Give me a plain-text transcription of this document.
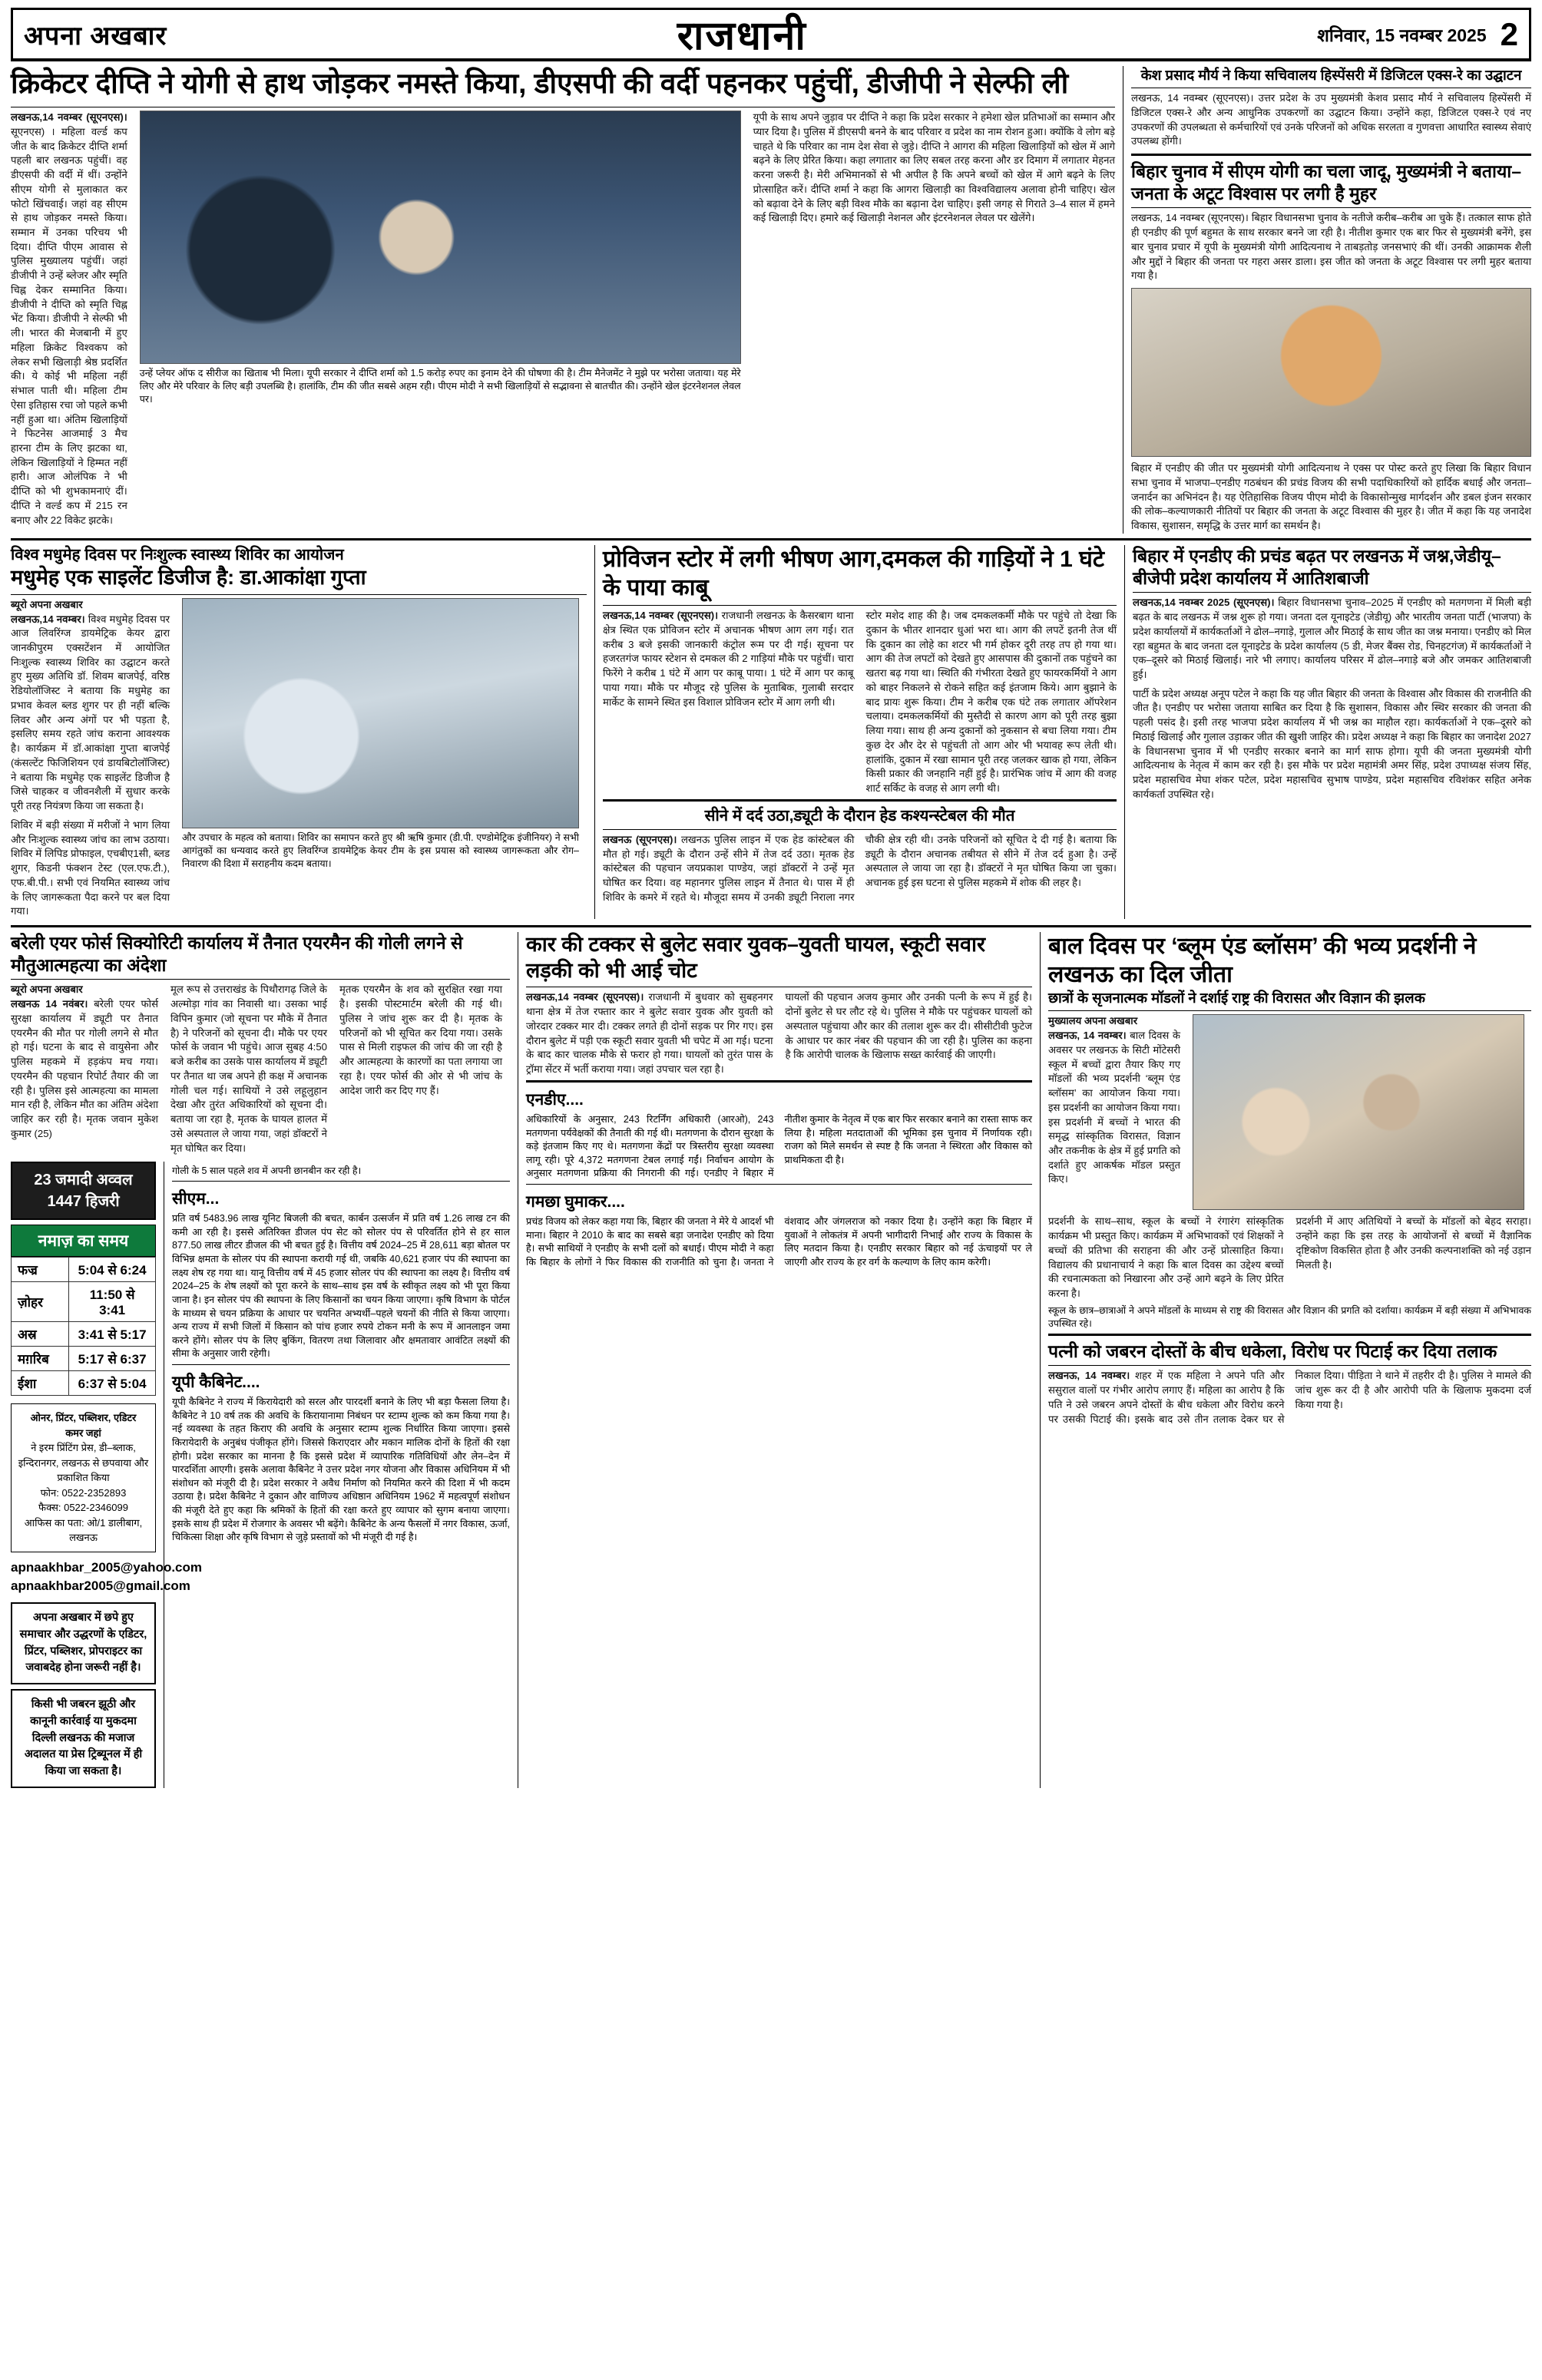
अपना अखबार	राजधानी	शनिवार, 15 नवम्बर 2025 2
क्रिकेटर दीप्ति ने योगी से हाथ जोड़कर नमस्ते किया, डीएसपी की वर्दी पहनकर पहुंचीं, डीजीपी ने सेल्फी ली
लखनऊ,14 नवम्बर (सूएनएस)। सूएनएस) । महिला वर्ल्ड कप जीत के बाद क्रिकेटर दीप्ति शर्मा पहली बार लखनऊ पहुंचीं। वह डीएसपी की वर्दी में थीं। उन्होंने सीएम योगी से मुलाकात कर फोटो खिंचवाई। जहां वह सीएम से हाथ जोड़कर नमस्ते किया। सम्मान में उनका परिचय भी दिया। दीप्ति पीएम आवास से पुलिस मुख्यालय पहुंचीं। जहां डीजीपी ने उन्हें ब्लेजर और स्मृति चिह्न देकर सम्मानित किया। डीजीपी ने दीप्ति को स्मृति चिह्न भेंट किया। डीजीपी ने सेल्फी भी ली। भारत की मेजबानी में हुए महिला क्रिकेट विश्वकप को लेकर सभी खिलाड़ी श्रेष्ठ प्रदर्शित की। ये कोई भी महिला नहीं संभाल पाती थी। महिला टीम ऐसा इतिहास रचा जो पहले कभी नहीं हुआ था। अंतिम खिलाड़ियों ने फिटनेस आजमाई 3 मैच हारना टीम के लिए झटका था, लेकिन खिलाड़ियों ने हिम्मत नहीं हारी। आज ओलंपिक ने भी दीप्ति को भी शुभकामनाएं दीं। दीप्ति ने वर्ल्ड कप में 215 रन बनाए और 22 विकेट झटके।
उन्हें प्लेयर ऑफ द सीरीज का खिताब भी मिला। यूपी सरकार ने दीप्ति शर्मा को 1.5 करोड़ रुपए का इनाम देने की घोषणा की है। टीम मैनेजमेंट ने मुझे पर भरोसा जताया। यह मेरे लिए और मेरे परिवार के लिए बड़ी उपलब्धि है। हालांकि, टीम की जीत सबसे अहम रही। पीएम मोदी ने सभी खिलाड़ियों से सद्भावना से बातचीत की। उन्होंने खेल इंटरनेशनल लेवल पर।
यूपी के साथ अपने जुड़ाव पर दीप्ति ने कहा कि प्रदेश सरकार ने हमेशा खेल प्रतिभाओं का सम्मान और प्यार दिया है। पुलिस में डीएसपी बनने के बाद परिवार व प्रदेश का नाम रोशन हुआ। क्योंकि वे लोग बड़े चाहते थे कि परिवार का नाम देश सेवा से जुड़े। दीप्ति ने आगरा की महिला खिलाड़ियों को खेल में आगे बढ़ने के लिए प्रेरित किया। कहा लगातार का लिए सबल तरह करना और डर दिमाग में लगातार मेहनत करना जरूरी है। मेरी अभिमानकों से भी अपील है कि अपने बच्चों को खेल में आगे बढ़ने के लिए प्रोत्साहित करें। दीप्ति शर्मा ने कहा कि आगरा खिलाड़ी का विश्वविद्यालय अलावा होनी चाहिए। खेल को बढ़ावा देने के लिए बड़ी विश्व मौके का बढ़ाना देश चाहिए। इसी जगह से गिराते 3–4 साल में हमने कई खिलाड़ी दिए। हमारे कई खिलाड़ी नेशनल और इंटरनेशनल लेवल पर खेलेंगे।
केश प्रसाद मौर्य ने किया सचिवालय हिस्पेंसरी में डिजिटल एक्स-रे का उद्घाटन
लखनऊ, 14 नवम्बर (सूएनएस)। उत्तर प्रदेश के उप मुख्यमंत्री केशव प्रसाद मौर्य ने सचिवालय हिस्पेंसरी में डिजिटल एक्स-रे और अन्य आधुनिक उपकरणों का उद्घाटन किया। उन्होंने कहा, डिजिटल एक्स-रे एवं नए उपकरणों की उपलब्धता से कर्मचारियों एवं उनके परिजनों को अधिक सरलता व गुणवत्ता आधारित स्वास्थ्य सेवाएं उपलब्ध होंगी।
बिहार चुनाव में सीएम योगी का चला जादू, मुख्यमंत्री ने बताया– जनता के अटूट विश्वास पर लगी है मुहर
लखनऊ, 14 नवम्बर (सूएनएस)। बिहार विधानसभा चुनाव के नतीजे करीब–करीब आ चुके हैं। तत्काल साफ होते ही एनडीए की पूर्ण बहुमत के साथ सरकार बनने जा रही है। नीतीश कुमार एक बार फिर से मुख्यमंत्री बनेंगे, इस बार चुनाव प्रचार में यूपी के मुख्यमंत्री योगी आदित्यनाथ ने ताबड़तोड़ जनसभाएं की थीं। उनकी आक्रामक शैली और मुद्दों ने बिहार की जनता पर गहरा असर डाला। इस जीत को जनता के अटूट विश्वास पर लगी मुहर बताया गया है।
बिहार में एनडीए की जीत पर मुख्यमंत्री योगी आदित्यनाथ ने एक्स पर पोस्ट करते हुए लिखा कि बिहार विधान सभा चुनाव में भाजपा–एनडीए गठबंधन की प्रचंड विजय की सभी पदाधिकारियों को हार्दिक बधाई और जनता– जनार्दन का अभिनंदन है। यह ऐतिहासिक विजय पीएम मोदी के विकासोन्मुख मार्गदर्शन और डबल इंजन सरकार की लोक–कल्याणकारी नीतियों पर बिहार की जनता के अटूट विश्वास की मुहर है। जीत में कहा कि यह जनादेश विकास, सुशासन, समृद्धि के उत्तर मार्ग का समर्थन है।
विश्व मधुमेह दिवस पर निःशुल्क स्वास्थ्य शिविर का आयोजन
मधुमेह एक साइलेंट डिजीज है: डा.आकांक्षा गुप्ता
ब्यूरो अपना अखबार
लखनऊ,14 नवम्बर। विश्व मधुमेह दिवस पर आज लिवरिंग्ज डायमेट्रिक केयर द्वारा जानकीपुरम एक्सटेंशन में आयोजित निःशुल्क स्वास्थ्य शिविर का उद्घाटन करते हुए मुख्य अतिथि डॉ. शिवम बाजपेई, वरिष्ठ रेडियोलॉजिस्ट ने बताया कि मधुमेह का प्रभाव केवल ब्लड शुगर पर ही नहीं बल्कि लिवर और अन्य अंगों पर भी पड़ता है, इसलिए समय रहते जांच कराना आवश्यक है। कार्यक्रम में डॉ.आकांक्षा गुप्ता बाजपेई (कंसल्टेंट फिजिशियन एवं डायबिटोलॉजिस्ट) ने बताया कि मधुमेह एक साइलेंट डिजीज है जिसे चाहकर व जीवनशैली में सुधार करके पूरी तरह नियंत्रण किया जा सकता है।
शिविर में बड़ी संख्या में मरीजों ने भाग लिया और निःशुल्क स्वास्थ्य जांच का लाभ उठाया। शिविर में लिपिड प्रोफाइल, एचबीए1सी, ब्लड शुगर, किडनी फंक्शन टेस्ट (एल.एफ.टी.), एफ.बी.पी.। सभी एवं नियमित स्वास्थ्य जांच के लिए जागरूकता पैदा करने पर बल दिया गया।
और उपचार के महत्व को बताया। शिविर का समापन करते हुए श्री ऋषि कुमार (डी.पी. एण्डोमेट्रिक इंजीनियर) ने सभी आगंतुकों का धन्यवाद करते हुए लिवरिंग्ज डायमेट्रिक केयर टीम के इस प्रयास को स्वास्थ्य जागरूकता और रोग–निवारण की दिशा में सराहनीय कदम बताया।
प्रोविजन स्टोर में लगी भीषण आग,दमकल की गाड़ियों ने 1 घंटे के पाया काबू
लखनऊ,14 नवम्बर (सूएनएस)। राजधानी लखनऊ के कैसरबाग थाना क्षेत्र स्थित एक प्रोविजन स्टोर में अचानक भीषण आग लग गई। रात करीब 3 बजे इसकी जानकारी कंट्रोल रूम पर दी गई। सूचना पर हजरतगंज फायर स्टेशन से दमकल की 2 गाड़ियां मौके पर पहुंचीं। चारा फिरेंगे ने करीब 1 घंटे में आग पर काबू पाया। 1 घंटे में आग पर काबू पाया गया। मौके पर मौजूद रहे पुलिस के मुताबिक, गुलाबी सरदार मार्केट के सामने स्थित इस विशाल प्रोविजन स्टोर में आग लगी थी।
स्टोर मशेद शाह की है। जब दमकलकर्मी मौके पर पहुंचे तो देखा कि दुकान के भीतर शानदार धुआं भरा था। आग की लपटें इतनी तेज थीं कि दुकान का लोहे का शटर भी गर्म होकर दूरी तरह तप हो गया था। आग की तेज लपटों को देखते हुए आसपास की दुकानों तक पहुंचने का खतरा बढ़ गया था। स्थिति की गंभीरता देखते हुए फायरकर्मियों ने आग को बाहर निकलने से रोकने सहित कई इंतजाम किये। आग बुझाने के बाद प्रायः शुरू किया। टीम ने करीब एक घंटे तक लगातार ऑपरेशन चलाया। दमकलकर्मियों की मुस्तैदी से कारण आग को पूरी तरह बुझा लिया गया। साथ ही अन्य दुकानों को नुकसान से बचा लिया गया। टीम कुछ देर और देर से पहुंचती तो आग ओर भी भयावह रूप लेती थी। हालांकि, दुकान में रखा सामान पूरी तरह जलकर खाक हो गया, लेकिन किसी प्रकार की जनहानि नहीं हुई है। प्रारंभिक जांच में आग की वजह शार्ट सर्किट के वजह से आग लगी थी।
सीने में दर्द उठा,ड्यूटी के दौरान हेड कश्यन्स्टेबल की मौत
लखनऊ (सूएनएस)। लखनऊ पुलिस लाइन में एक हेड कांस्टेबल की मौत हो गई। ड्यूटी के दौरान उन्हें सीने में तेज दर्द उठा। मृतक हेड कांस्टेबल की पहचान जयप्रकाश पाण्डेय, जहां डॉक्टरों ने उन्हें मृत घोषित कर दिया। वह महानगर पुलिस लाइन में तैनात थे। पास में ही शिविर के कमरे में रहते थे। मौजूदा समय में उनकी ड्यूटी निराला नगर चौकी क्षेत्र रही थी। उनके परिजनों को सूचित दे दी गई है। बताया कि ड्यूटी के दौरान अचानक तबीयत से सीने में तेज दर्द हुआ है। उन्हें अस्पताल ले जाया जा रहा है। डॉक्टरों ने मृत घोषित किया जा चुका। अचानक हुई इस घटना से पुलिस महकमे में शोक की लहर है।
बिहार में एनडीए की प्रचंड बढ़त पर लखनऊ में जश्न,जेडीयू–बीजेपी प्रदेश कार्यालय में आतिशबाजी
लखनऊ,14 नवम्बर 2025 (सूएनएस)। बिहार विधानसभा चुनाव–2025 में एनडीए को मतगणना में मिली बड़ी बढ़त के बाद लखनऊ में जश्न शुरू हो गया। जनता दल यूनाइटेड (जेडीयू) और भारतीय जनता पार्टी (भाजपा) के प्रदेश कार्यालयों में कार्यकर्ताओं ने ढोल–नगाड़े, गुलाल और मिठाई के साथ जीत का जश्न मनाया। एनडीए को मिल रहा बहुमत के बाद जनता दल यूनाइटेड के प्रदेश कार्यालय (5 डी, मेजर बैंक्स रोड, चिनहटगंज) में कार्यकर्ताओं ने एक–दूसरे को मिठाई खिलाई। नारे भी लगाए। कार्यालय परिसर में ढोल–नगाड़े बजे और जमकर आतिशबाजी हुई।
पार्टी के प्रदेश अध्यक्ष अनूप पटेल ने कहा कि यह जीत बिहार की जनता के विश्वास और विकास की राजनीति की जीत है। एनडीए पर भरोसा जताया साबित कर दिया है कि सुशासन, विकास और स्थिर सरकार की जनता की पहली पसंद है। इसी तरह भाजपा प्रदेश कार्यालय में भी जश्न का माहौल रहा। कार्यकर्ताओं ने एक–दूसरे को मिठाई खिलाई और गुलाल उड़ाकर जीत की खुशी जाहिर की। प्रदेश अध्यक्ष ने कहा कि बिहार का जनादेश 2027 के विधानसभा चुनाव में भी एनडीए सरकार बनाने का मार्ग साफ होगा। यूपी की जनता मुख्यमंत्री योगी आदित्यनाथ के नेतृत्व में काम कर रही है। इस मौके पर प्रदेश महामंत्री अमर सिंह, प्रदेश उपाध्यक्ष संजय सिंह, प्रदेश महासचिव मेघा शंकर पटेल, प्रदेश महासचिव सुभाष पाण्डेय, प्रदेश महासचिव रविशंकर सहित अनेक कार्यकर्ता उपस्थित रहे।
बरेली एयर फोर्स सिक्योरिटी कार्यालय में तैनात एयरमैन की गोली लगने से मौतुआत्महत्या का अंदेशा
ब्यूरो अपना अखबार
लखनऊ 14 नवंबर। बरेली एयर फोर्स सुरक्षा कार्यालय में ड्यूटी पर तैनात एयरमैन की मौत पर गोली लगने से मौत हो गई। घटना के बाद से वायुसेना और पुलिस महकमे में हड़कंप मच गया। एयरमैन की पहचान रिपोर्ट तैयार की जा रही है। पुलिस इसे आत्महत्या का मामला मान रही है, लेकिन मौत का अंतिम अंदेशा जाहिर कर रही है। मृतक जवान मुकेश कुमार (25)
मूल रूप से उत्तराखंड के पिथौरागढ़ जिले के अल्मोड़ा गांव का निवासी था। उसका भाई विपिन कुमार (जो सूचना पर मौके में तैनात है) ने परिजनों को सूचना दी। मौके पर एयर फोर्स के जवान भी पहुंचे। आज सुबह 4:50 बजे करीब का उसके पास कार्यालय में ड्यूटी पर तैनात था जब अपने ही कक्ष में अचानक गोली चल गई। साथियों ने उसे लहूलुहान देखा और तुरंत अधिकारियों को सूचना दी। बताया जा रहा है, मृतक के घायल हालत में उसे अस्पताल ले जाया गया, जहां डॉक्टरों ने मृत घोषित कर दिया।
मृतक एयरमैन के शव को सुरक्षित रखा गया है। इसकी पोस्टमार्टम बरेली की गई थी। पुलिस ने जांच शुरू कर दी है। मृतक के परिजनों को भी सूचित कर दिया गया। उसके पास से मिली राइफल की जांच की जा रही है और आत्महत्या के कारणों का पता लगाया जा रहा है। एयर फोर्स की ओर से भी जांच के आदेश जारी कर दिए गए हैं।
23 जमादी अव्वल 1447 हिजरी
नमाज़ का समय
फज्र	5:04 से 6:24
ज़ोहर	11:50 से 3:41
अस्र	3:41 से 5:17
मग़रिब	5:17 से 6:37
ईशा	6:37 से 5:04
ओनर, प्रिंटर, पब्लिशर, एडिटर
कमर जहां
ने इरम प्रिंटिंग प्रेस, डी–ब्लाक, इन्दिरानगर, लखनऊ से छपवाया और प्रकाशित किया
फोन: 0522-2352893
फैक्स: 0522-2346099
आफिस का पता: ओ/1 डालीबाग, लखनऊ
apnaakhbar_2005@yahoo.com
apnaakhbar2005@gmail.com
अपना अखबार में छपे हुए समाचार और उद्धरणों के एडिटर, प्रिंटर, पब्लिशर, प्रोपराइटर का जवाबदेह होना जरूरी नहीं है।
किसी भी जबरन झूठी और कानूनी कार्रवाई या मुकदमा दिल्ली लखनऊ की मजाज अदालत या प्रेस ट्रिब्यूनल में ही किया जा सकता है।
गोली के 5 साल पहले शव में अपनी छानबीन कर रही है।
सीएम...
प्रति वर्ष 5483.96 लाख यूनिट बिजली की बचत, कार्बन उत्सर्जन में प्रति वर्ष 1.26 लाख टन की कमी आ रही है। इससे अतिरिक्त डीजल पंप सेट को सोलर पंप से परिवर्तित होने से हर साल 877.50 लाख लीटर डीजल की भी बचत हुई है। वित्तीय वर्ष 2024–25 में 28,611 बड़ा बोतल पर विभिन्न क्षमता के सोलर पंप की स्थापना करायी गई थी, जबकि 40,621 हजार पंप की स्थापना का लक्ष्य शेष रह गया था। यानू वित्तीय वर्ष में 45 हजार सोलर पंप की स्थापना का लक्ष्य है। वित्तीय वर्ष 2024–25 के शेष लक्ष्यों को पूरा करने के साथ–साथ इस वर्ष के स्वीकृत लक्ष्य को भी पूरा किया जाना है। इन सोलर पंप की स्थापना के लिए किसानों का चयन किया जाएगा। कृषि विभाग के पोर्टल के माध्यम से चयन प्रक्रिया के आधार पर चयनित अभ्यर्थी–पहले चयनों की नीति से किया जाएगा। अन्य राज्य में सभी जिलों में किसान को पांच हजार रुपये टोकन मनी के रूप में आनलाइन जमा करने होंगे। सोलर पंप के लिए बुकिंग, वितरण तथा जिलावार और क्षमतावार आवंटित लक्ष्यों की सीमा के अनुसार जारी रहेगी।
यूपी कैबिनेट....
यूपी कैबिनेट ने राज्य में किरायेदारी को सरल और पारदर्शी बनाने के लिए भी बड़ा फैसला लिया है। कैबिनेट ने 10 वर्ष तक की अवधि के किरायानामा निबंधन पर स्टाम्प शुल्क को कम किया गया है। नई व्यवस्था के तहत किराए की अवधि के अनुसार स्टाम्प शुल्क निर्धारित किया जाएगा। इससे किरायेदारी के अनुबंध पंजीकृत होंगे। जिससे किराएदार और मकान मालिक दोनों के हितों की रक्षा होगी। प्रदेश सरकार का मानना है कि इससे प्रदेश में व्यापारिक गतिविधियों और लेन–देन में पारदर्शिता आएगी। इसके अलावा कैबिनेट ने उत्तर प्रदेश नगर योजना और विकास अधिनियम में भी संशोधन को मंजूरी दी है। प्रदेश सरकार ने अवैध निर्माण को नियमित करने की दिशा में भी कदम उठाया है। प्रदेश कैबिनेट ने दुकान और वाणिज्य अधिष्ठान अधिनियम 1962 में महत्वपूर्ण संशोधन की मंजूरी देते हुए कहा कि श्रमिकों के हितों की रक्षा करते हुए व्यापार को सुगम बनाया जाएगा। इसके साथ ही प्रदेश में रोजगार के अवसर भी बढ़ेंगे। कैबिनेट के अन्य फैसलों में नगर विकास, ऊर्जा, चिकित्सा शिक्षा और कृषि विभाग से जुड़े प्रस्तावों को भी मंजूरी दी गई है।
कार की टक्कर से बुलेट सवार युवक–युवती घायल, स्कूटी सवार लड़की को भी आई चोट
लखनऊ,14 नवम्बर (सूएनएस)। राजधानी में बुधवार को सुबहनगर थाना क्षेत्र में तेज रफ्तार कार ने बुलेट सवार युवक और युवती को जोरदार टक्कर मार दी। टक्कर लगते ही दोनों सड़क पर गिर गए। इस दौरान बुलेट में पड़ी एक स्कूटी सवार युवती भी चपेट में आ गई। घटना के बाद कार चालक मौके से फरार हो गया। घायलों को तुरंत पास के ट्रॉमा सेंटर में भर्ती कराया गया। जहां उपचार चल रहा है।
घायलों की पहचान अजय कुमार और उनकी पत्नी के रूप में हुई है। दोनों बुलेट से घर लौट रहे थे। पुलिस ने मौके पर पहुंचकर घायलों को अस्पताल पहुंचाया और कार की तलाश शुरू कर दी। सीसीटीवी फुटेज के आधार पर कार नंबर की पहचान की जा रही है। पुलिस का कहना है कि आरोपी चालक के खिलाफ सख्त कार्रवाई की जाएगी।
एनडीए....
अधिकारियों के अनुसार, 243 रिटर्निंग अधिकारी (आरओ), 243 मतगणना पर्यवेक्षकों की तैनाती की गई थी। मतगणना के दौरान सुरक्षा के कड़े इंतजाम किए गए थे। मतगणना केंद्रों पर त्रिस्तरीय सुरक्षा व्यवस्था लागू रही। पूरे 4,372 मतगणना टेबल लगाई गईं। निर्वाचन आयोग के अनुसार मतगणना प्रक्रिया की निगरानी की गई। एनडीए ने बिहार में नीतीश कुमार के नेतृत्व में एक बार फिर सरकार बनाने का रास्ता साफ कर लिया है। महिला मतदाताओं की भूमिका इस चुनाव में निर्णायक रही। राजग को मिले समर्थन से स्पष्ट है कि जनता ने स्थिरता और विकास को प्राथमिकता दी है।
गमछा घुमाकर....
प्रचंड विजय को लेकर कहा गया कि, बिहार की जनता ने मेरे ये आदर्श भी माना। बिहार ने 2010 के बाद का सबसे बड़ा जनादेश एनडीए को दिया है। सभी साथियों ने एनडीए के सभी दलों को बधाई। पीएम मोदी ने कहा कि बिहार के लोगों ने फिर विकास की राजनीति को चुना है। जनता ने वंशवाद और जंगलराज को नकार दिया है। उन्होंने कहा कि बिहार में युवाओं ने लोकतंत्र में अपनी भागीदारी निभाई और राज्य के विकास के लिए मतदान किया है। एनडीए सरकार बिहार को नई ऊंचाइयों पर ले जाएगी और राज्य के हर वर्ग के कल्याण के लिए काम करेगी।
बाल दिवस पर ‘ब्लूम एंड ब्लॉसम’ की भव्य प्रदर्शनी ने लखनऊ का दिल जीता
छात्रों के सृजनात्मक मॉडलों ने दर्शाई राष्ट्र की विरासत और विज्ञान की झलक
मुख्यालय अपना अखबार
लखनऊ, 14 नवम्बर। बाल दिवस के अवसर पर लखनऊ के सिटी मोंटेसरी स्कूल में बच्चों द्वारा तैयार किए गए मॉडलों की भव्य प्रदर्शनी ‘ब्लूम एंड ब्लॉसम’ का आयोजन किया गया। इस प्रदर्शनी का आयोजन किया गया। इस प्रदर्शनी में बच्चों ने भारत की समृद्ध सांस्कृतिक विरासत, विज्ञान और तकनीक के क्षेत्र में हुई प्रगति को दर्शाते हुए आकर्षक मॉडल प्रस्तुत किए।
प्रदर्शनी के साथ–साथ, स्कूल के बच्चों ने रंगारंग सांस्कृतिक कार्यक्रम भी प्रस्तुत किए। कार्यक्रम में अभिभावकों एवं शिक्षकों ने बच्चों की प्रतिभा की सराहना की और उन्हें प्रोत्साहित किया। विद्यालय की प्रधानाचार्य ने कहा कि बाल दिवस का उद्देश्य बच्चों की रचनात्मकता को निखारना और उन्हें आगे बढ़ने के लिए प्रेरित करना है।
प्रदर्शनी में आए अतिथियों ने बच्चों के मॉडलों को बेहद सराहा। उन्होंने कहा कि इस तरह के आयोजनों से बच्चों में वैज्ञानिक दृष्टिकोण विकसित होता है और उनकी कल्पनाशक्ति को नई उड़ान मिलती है।
स्कूल के छात्र–छात्राओं ने अपने मॉडलों के माध्यम से राष्ट्र की विरासत और विज्ञान की प्रगति को दर्शाया। कार्यक्रम में बड़ी संख्या में अभिभावक उपस्थित रहे।
पत्नी को जबरन दोस्तों के बीच धकेला, विरोध पर पिटाई कर दिया तलाक
लखनऊ, 14 नवम्बर। शहर में एक महिला ने अपने पति और ससुराल वालों पर गंभीर आरोप लगाए हैं। महिला का आरोप है कि पति ने उसे जबरन अपने दोस्तों के बीच धकेला और विरोध करने पर उसकी पिटाई की। इसके बाद उसे तीन तलाक देकर घर से निकाल दिया। पीड़िता ने थाने में तहरीर दी है। पुलिस ने मामले की जांच शुरू कर दी है और आरोपी पति के खिलाफ मुकदमा दर्ज किया गया है।
